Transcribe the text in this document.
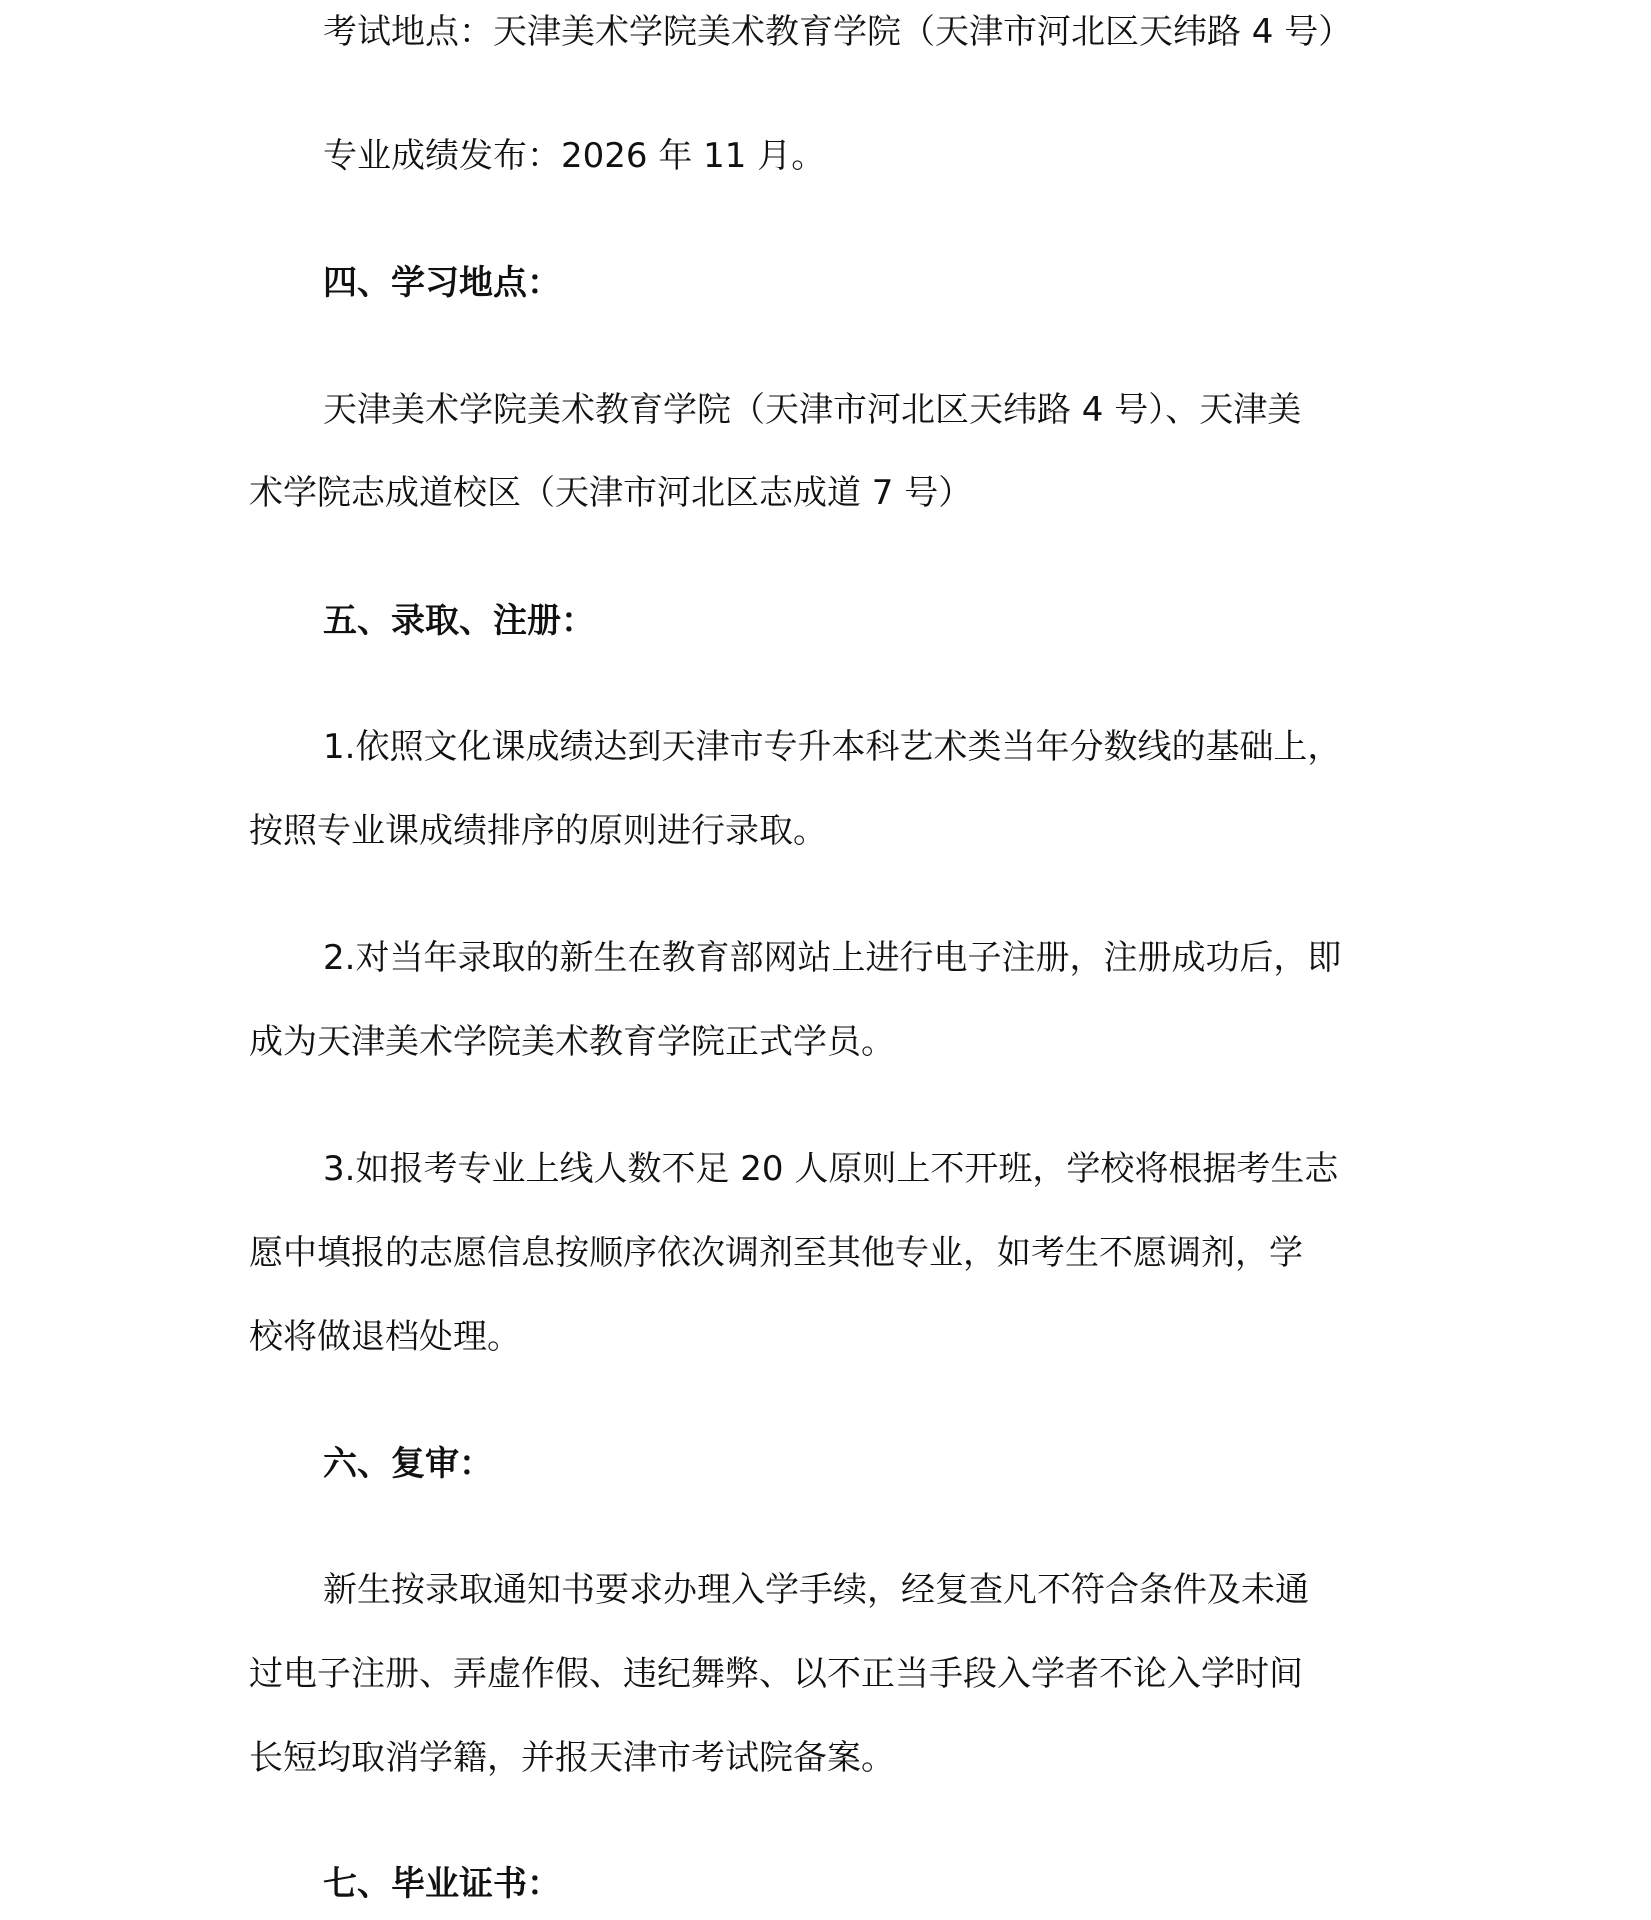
考试地点：天津美术学院美术教育学院（天津市河北区天纬路 4 号）
专业成绩发布：2026 年 11 月。
四、学习地点：
天津美术学院美术教育学院（天津市河北区天纬路 4 号）、天津美
术学院志成道校区（天津市河北区志成道 7 号）
五、录取、注册：
1.依照文化课成绩达到天津市专升本科艺术类当年分数线的基础上，
按照专业课成绩排序的原则进行录取。
2.对当年录取的新生在教育部网站上进行电子注册，注册成功后，即
成为天津美术学院美术教育学院正式学员。
3.如报考专业上线人数不足 20 人原则上不开班，学校将根据考生志
愿中填报的志愿信息按顺序依次调剂至其他专业，如考生不愿调剂，学
校将做退档处理。
六、复审：
新生按录取通知书要求办理入学手续，经复查凡不符合条件及未通
过电子注册、弄虚作假、违纪舞弊、以不正当手段入学者不论入学时间
长短均取消学籍，并报天津市考试院备案。
七、毕业证书：
